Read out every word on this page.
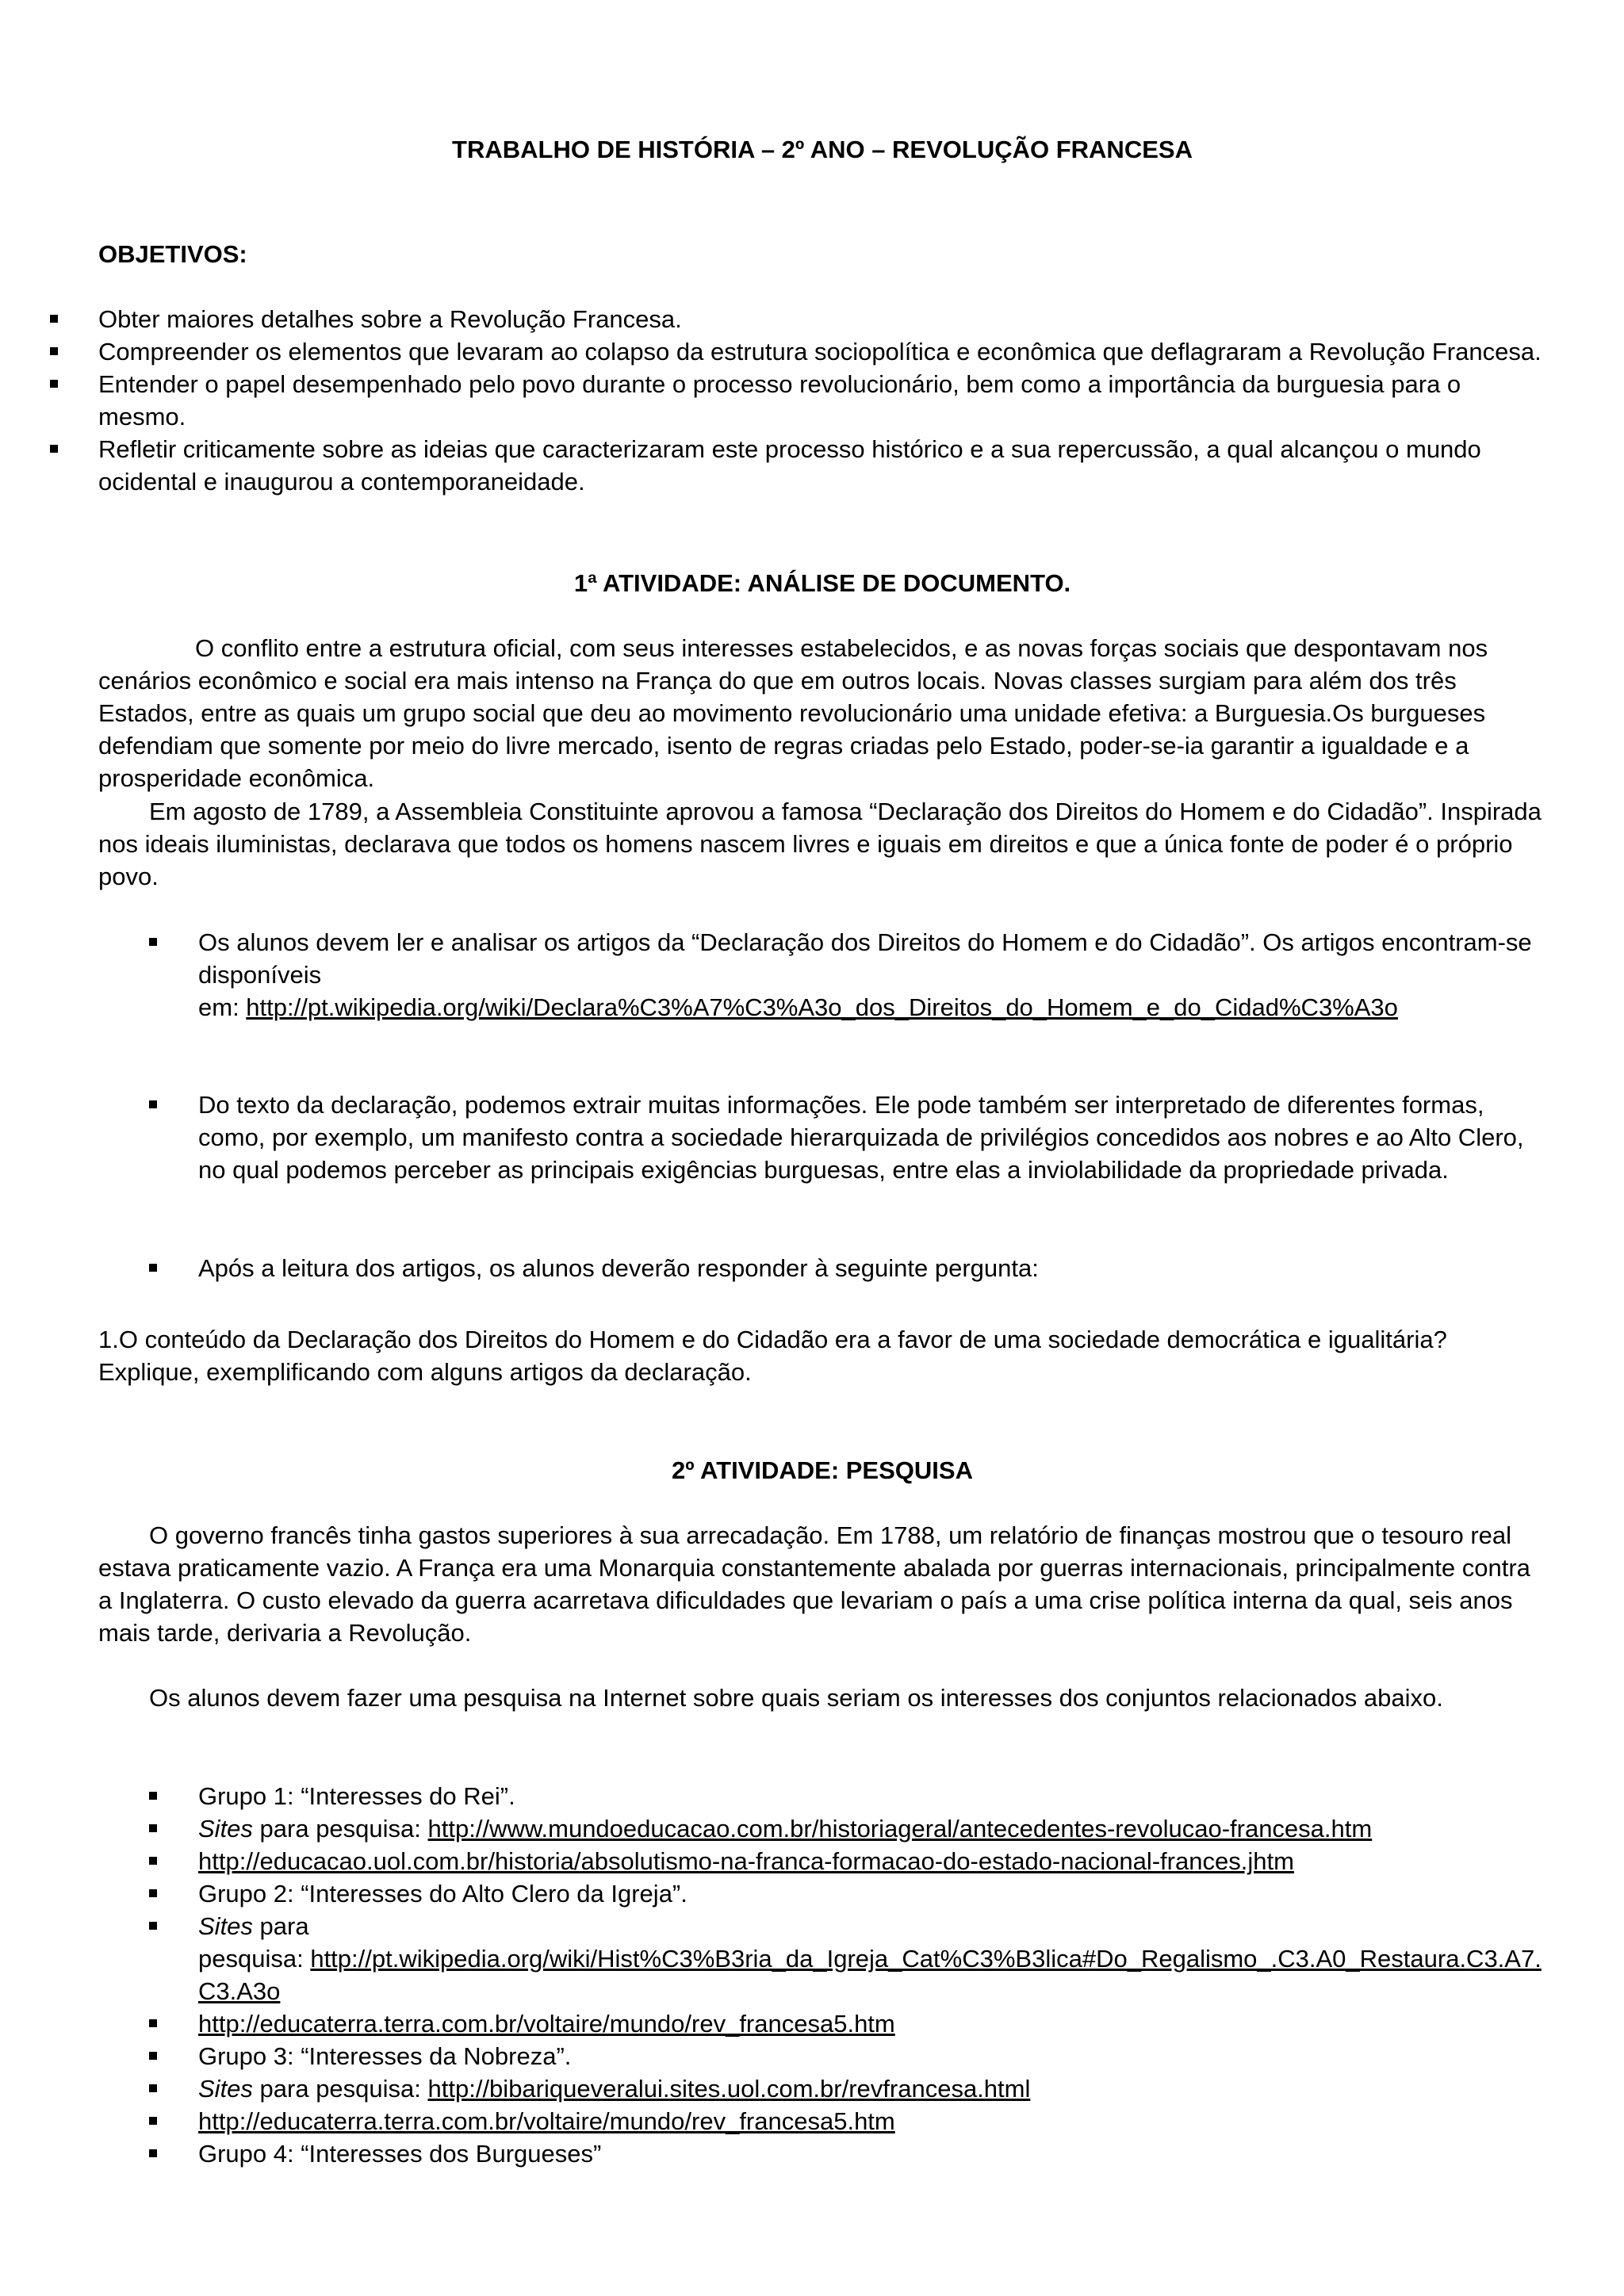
TRABALHO DE HISTÓRIA – 2º ANO – REVOLUÇÃO FRANCESA
OBJETIVOS:
Obter maiores detalhes sobre a Revolução Francesa.
Compreender os elementos que levaram ao colapso da estrutura sociopolítica e econômica que deflagraram a Revolução Francesa.
Entender o papel desempenhado pelo povo durante o processo revolucionário, bem como a importância da burguesia para o mesmo.
Refletir criticamente sobre as ideias que caracterizaram este processo histórico e a sua repercussão, a qual alcançou o mundo ocidental e inaugurou a contemporaneidade.
1ª ATIVIDADE: ANÁLISE DE DOCUMENTO.

O conflito entre a estrutura oficial, com seus interesses estabelecidos, e as novas forças sociais que despontavam nos cenários econômico e social era mais intenso na França do que em outros locais. Novas classes surgiam para além dos três Estados, entre as quais um grupo social que deu ao movimento revolucionário uma unidade efetiva: a Burguesia.Os burgueses defendiam que somente por meio do livre mercado, isento de regras criadas pelo Estado, poder-se-ia garantir a igualdade e a prosperidade econômica.

Em agosto de 1789, a Assembleia Constituinte aprovou a famosa “Declaração dos Direitos do Homem e do Cidadão”. Inspirada nos ideais iluministas, declarava que todos os homens nascem livres e iguais em direitos e que a única fonte de poder é o próprio povo.

Os alunos devem ler e analisar os artigos da “Declaração dos Direitos do Homem e do Cidadão”. Os artigos encontram-se disponíveis
em: http://pt.wikipedia.org/wiki/Declara%C3%A7%C3%A3o_dos_Direitos_do_Homem_e_do_Cidad%C3%A3o
Do texto da declaração, podemos extrair muitas informações. Ele pode também ser interpretado de diferentes formas, como, por exemplo, um manifesto contra a sociedade hierarquizada de privilégios concedidos aos nobres e ao Alto Clero, no qual podemos perceber as principais exigências burguesas, entre elas a inviolabilidade da propriedade privada.
Após a leitura dos artigos, os alunos deverão responder à seguinte pergunta:

1.O conteúdo da Declaração dos Direitos do Homem e do Cidadão era a favor de uma sociedade democrática e igualitária? Explique, exemplificando com alguns artigos da declaração.

2º ATIVIDADE: PESQUISA

O governo francês tinha gastos superiores à sua arrecadação. Em 1788, um relatório de finanças mostrou que o tesouro real estava praticamente vazio. A França era uma Monarquia constantemente abalada por guerras internacionais, principalmente contra a Inglaterra. O custo elevado da guerra acarretava dificuldades que levariam o país a uma crise política interna da qual, seis anos mais tarde, derivaria a Revolução.

Os alunos devem fazer uma pesquisa na Internet sobre quais seriam os interesses dos conjuntos relacionados abaixo.

Grupo 1: “Interesses do Rei”.
Sites para pesquisa: http://www.mundoeducacao.com.br/historiageral/antecedentes-revolucao-francesa.htm
http://educacao.uol.com.br/historia/absolutismo-na-franca-formacao-do-estado-nacional-frances.jhtm
Grupo 2: “Interesses do Alto Clero da Igreja”.
Sites para
pesquisa: http://pt.wikipedia.org/wiki/Hist%C3%B3ria_da_Igreja_Cat%C3%B3lica#Do_Regalismo_.C3.A0_Restaura.C3.A7.C3.A3o
http://educaterra.terra.com.br/voltaire/mundo/rev_francesa5.htm
Grupo 3: “Interesses da Nobreza”.
Sites para pesquisa: http://bibariqueveralui.sites.uol.com.br/revfrancesa.html
http://educaterra.terra.com.br/voltaire/mundo/rev_francesa5.htm
Grupo 4: “Interesses dos Burgueses”
